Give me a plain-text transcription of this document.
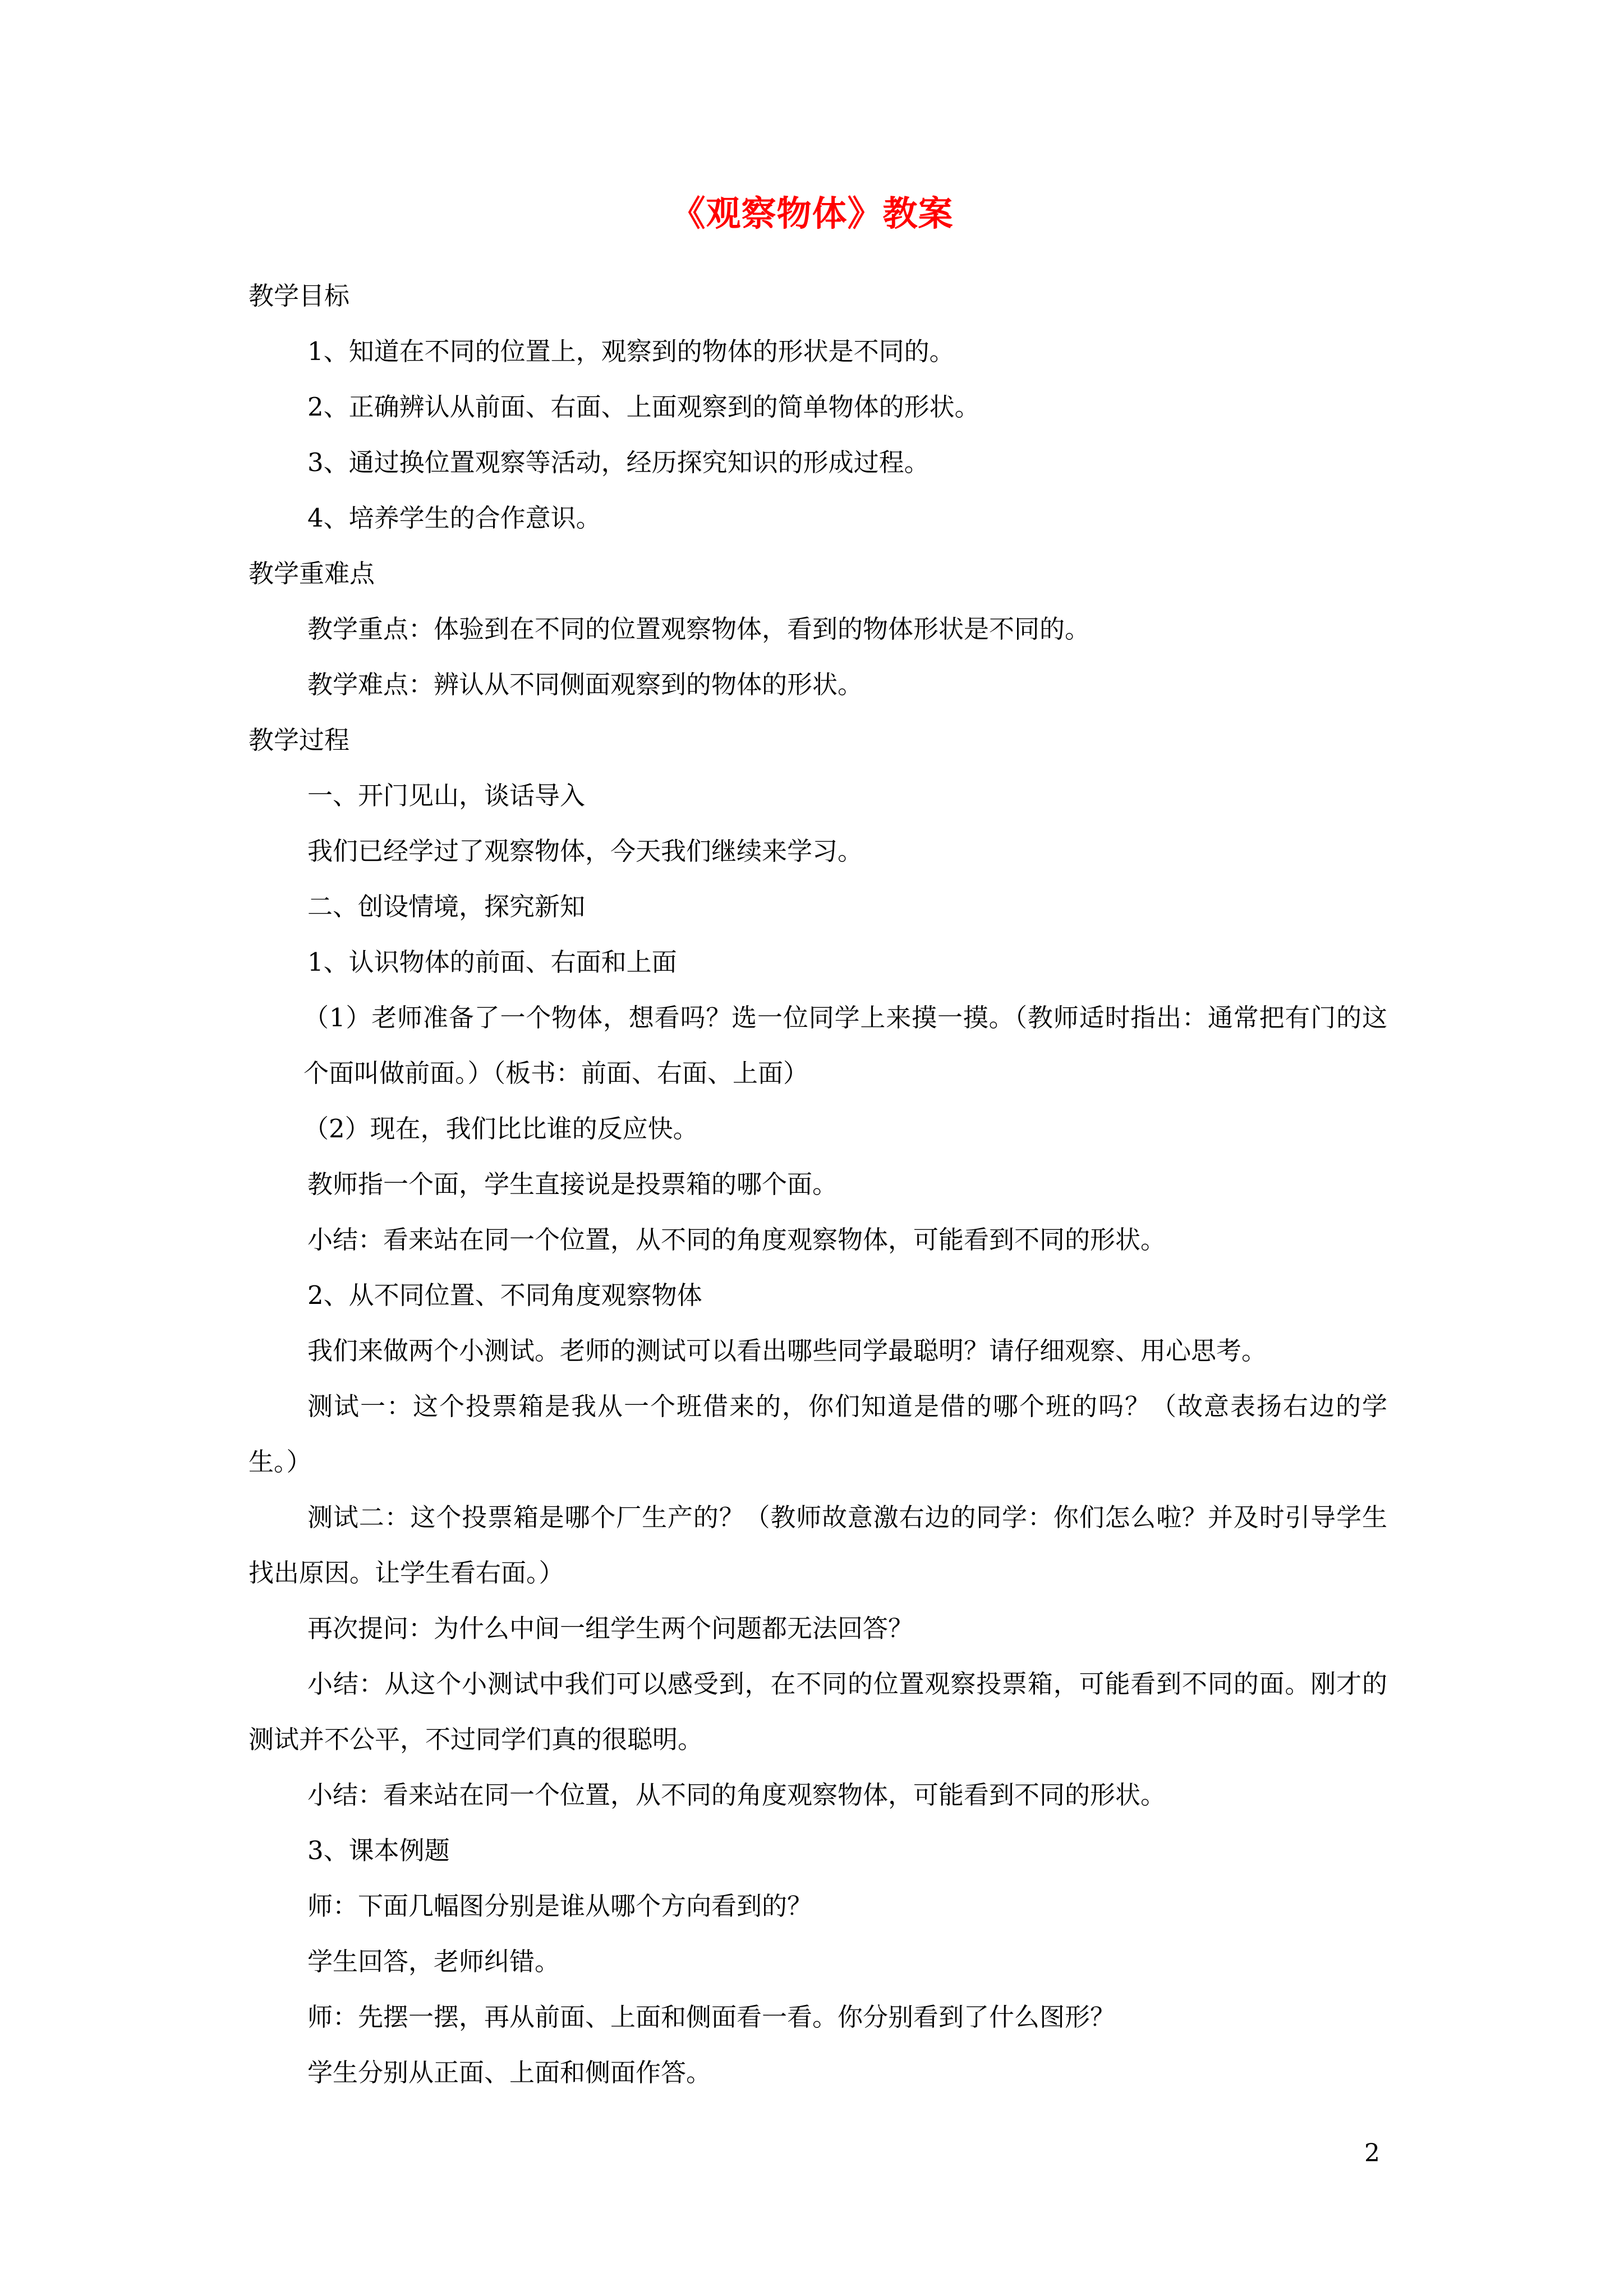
《观察物体》教案

教学目标

1、知道在不同的位置上，观察到的物体的形状是不同的。

2、正确辨认从前面、右面、上面观察到的简单物体的形状。

3、通过换位置观察等活动，经历探究知识的形成过程。

4、培养学生的合作意识。

教学重难点

教学重点：体验到在不同的位置观察物体，看到的物体形状是不同的。

教学难点：辨认从不同侧面观察到的物体的形状。

教学过程

一、开门见山，谈话导入

我们已经学过了观察物体，今天我们继续来学习。

二、创设情境，探究新知

1、认识物体的前面、右面和上面

（1）老师准备了一个物体，想看吗？选一位同学上来摸一摸。（教师适时指出：通常把有门的这个面叫做前面。）（板书：前面、右面、上面）

（2）现在，我们比比谁的反应快。

教师指一个面，学生直接说是投票箱的哪个面。

小结：看来站在同一个位置，从不同的角度观察物体，可能看到不同的形状。

2、从不同位置、不同角度观察物体

我们来做两个小测试。老师的测试可以看出哪些同学最聪明？请仔细观察、用心思考。

测试一：这个投票箱是我从一个班借来的，你们知道是借的哪个班的吗？（故意表扬右边的学生。）

测试二：这个投票箱是哪个厂生产的？（教师故意激右边的同学：你们怎么啦？并及时引导学生找出原因。让学生看右面。）

再次提问：为什么中间一组学生两个问题都无法回答？

小结：从这个小测试中我们可以感受到，在不同的位置观察投票箱，可能看到不同的面。刚才的测试并不公平，不过同学们真的很聪明。

小结：看来站在同一个位置，从不同的角度观察物体，可能看到不同的形状。

3、课本例题

师：下面几幅图分别是谁从哪个方向看到的？

学生回答，老师纠错。

师：先摆一摆，再从前面、上面和侧面看一看。你分别看到了什么图形？

学生分别从正面、上面和侧面作答。

2
